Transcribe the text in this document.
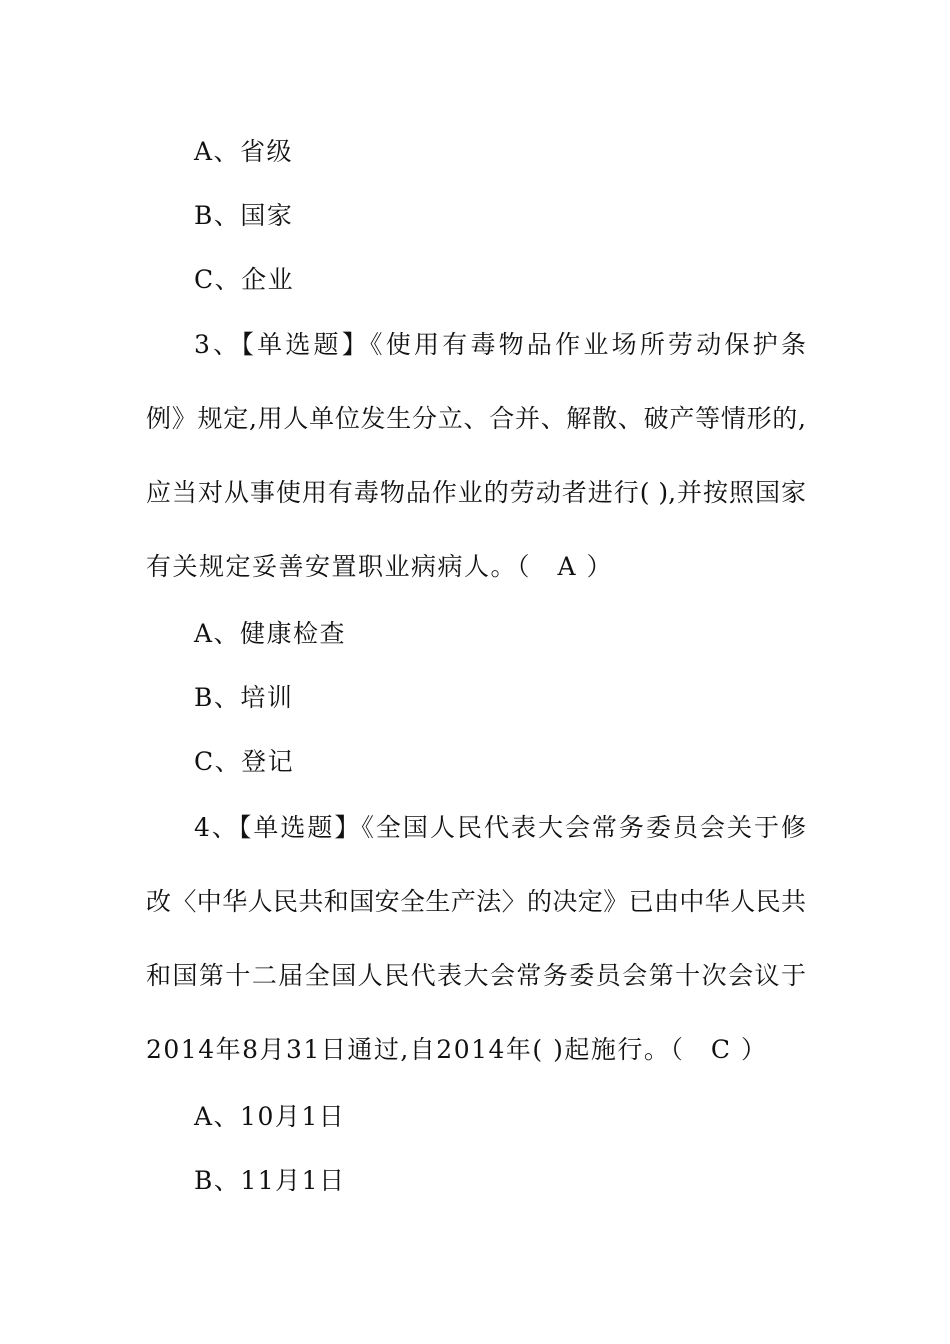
A、省级
B、国家
C、企业
3、【单选题】《使用有毒物品作业场所劳动保护条
例》规定,用人单位发生分立、合并、解散、破产等情形的,
应当对从事使用有毒物品作业的劳动者进行( ),并按照国家
有关规定妥善安置职业病病人。（　A ）
A、健康检查
B、培训
C、登记
4、【单选题】《全国人民代表大会常务委员会关于修
改〈中华人民共和国安全生产法〉的决定》已由中华人民共
和国第十二届全国人民代表大会常务委员会第十次会议于
2014年8月31日通过,自2014年( )起施行。（　C ）
A、10月1日
B、11月1日
